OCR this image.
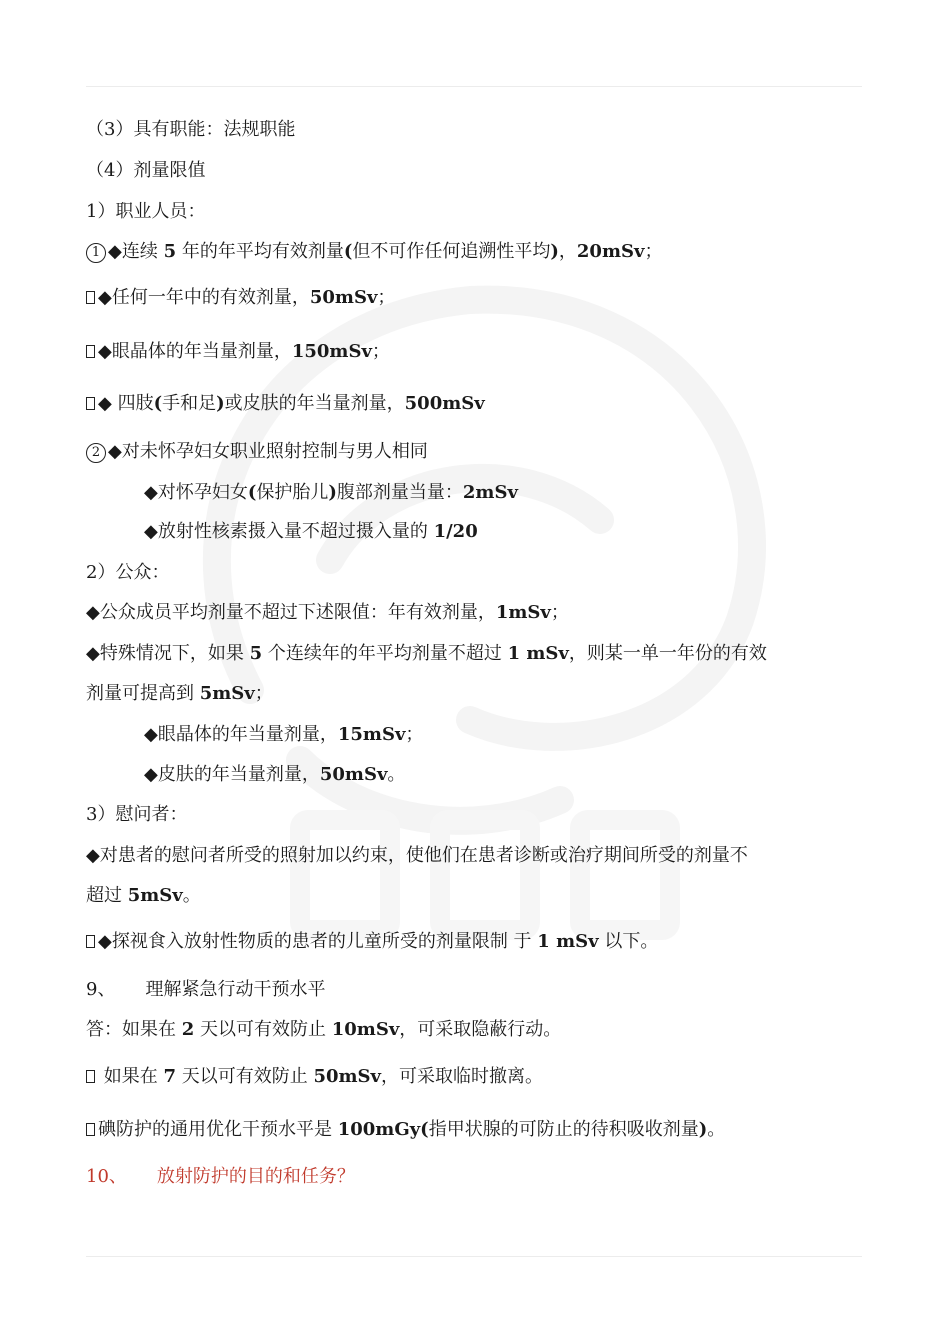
（3）具有职能：法规职能
（4）剂量限值
1）职业人员：
1 ◆连续 5 年的年平均有效剂量(但不可作任何追溯性平均)，20mSv；
◆任何一年中的有效剂量，50mSv；
◆眼晶体的年当量剂量，150mSv；
◆ 四肢(手和足)或皮肤的年当量剂量，500mSv
2 ◆对未怀孕妇女职业照射控制与男人相同
◆对怀孕妇女(保护胎儿)腹部剂量当量：2mSv
◆放射性核素摄入量不超过摄入量的 1/20
2）公众：
◆公众成员平均剂量不超过下述限值：年有效剂量，1mSv；
◆特殊情况下，如果 5 个连续年的年平均剂量不超过 1 mSv，则某一单一年份的有效
剂量可提高到 5mSv；
◆眼晶体的年当量剂量，15mSv；
◆皮肤的年当量剂量，50mSv。
3）慰问者：
◆对患者的慰问者所受的照射加以约束，使他们在患者诊断或治疗期间所受的剂量不
超过 5mSv。
◆探视食入放射性物质的患者的儿童所受的剂量限制 于 1 mSv 以下。
9、 理解紧急行动干预水平
答：如果在 2 天以可有效防止 10mSv，可采取隐蔽行动。
如果在 7 天以可有效防止 50mSv，可采取临时撤离。
碘防护的通用优化干预水平是 100mGy(指甲状腺的可防止的待积吸收剂量)。
10、 放射防护的目的和任务？
